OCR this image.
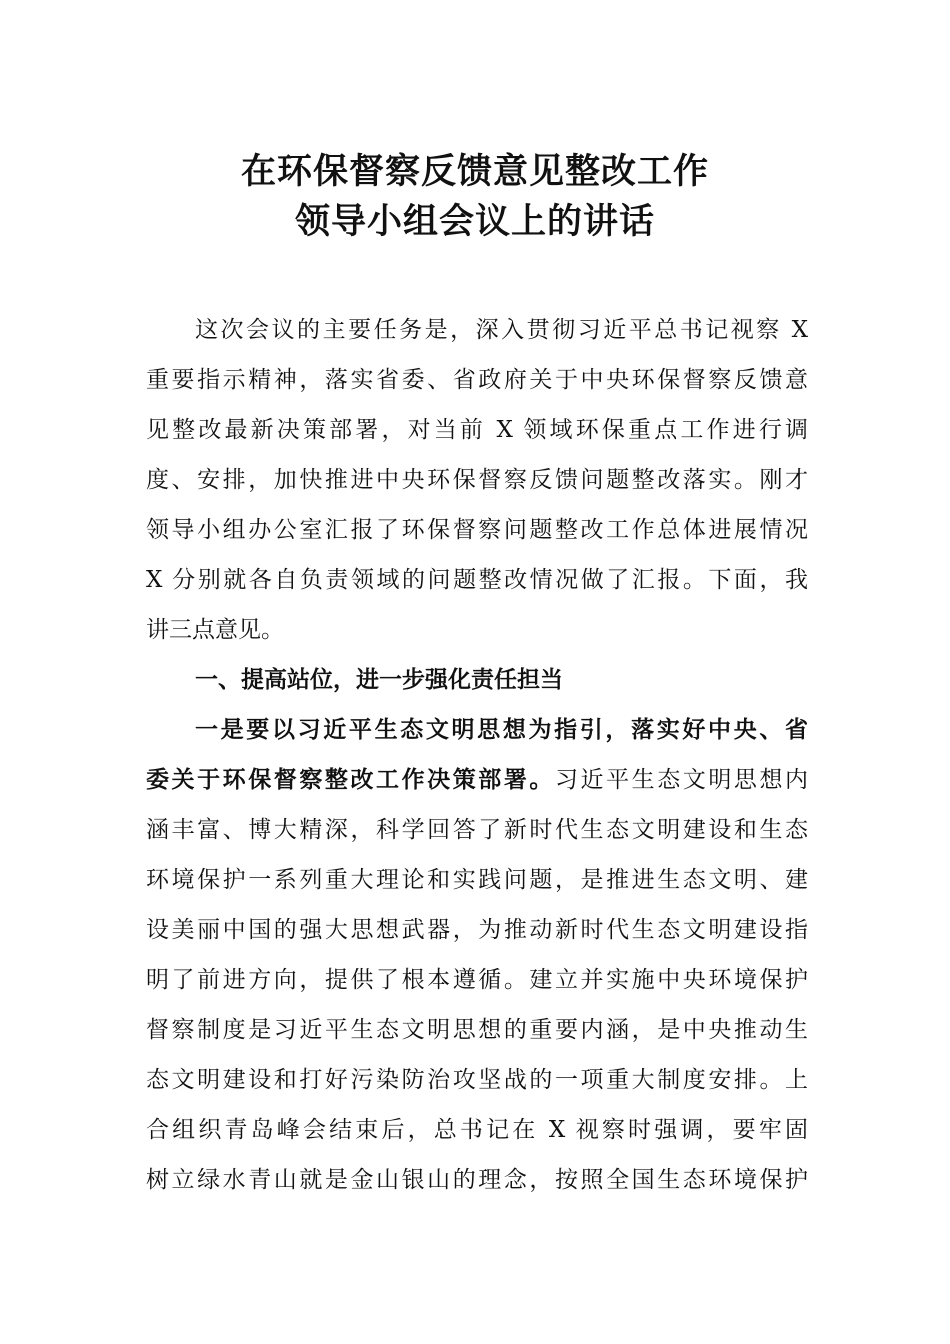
在环保督察反馈意见整改工作
领导小组会议上的讲话
这次会议的主要任务是，深入贯彻习近平总书记视察 X
重要指示精神，落实省委、省政府关于中央环保督察反馈意
见整改最新决策部署，对当前 X 领域环保重点工作进行调
度、安排，加快推进中央环保督察反馈问题整改落实。刚才
领导小组办公室汇报了环保督察问题整改工作总体进展情况
X 分别就各自负责领域的问题整改情况做了汇报。下面，我
讲三点意见。
一、提高站位，进一步强化责任担当
一是要以习近平生态文明思想为指引，落实好中央、省
委关于环保督察整改工作决策部署。习近平生态文明思想内
涵丰富、博大精深，科学回答了新时代生态文明建设和生态
环境保护一系列重大理论和实践问题，是推进生态文明、建
设美丽中国的强大思想武器，为推动新时代生态文明建设指
明了前进方向，提供了根本遵循。建立并实施中央环境保护
督察制度是习近平生态文明思想的重要内涵，是中央推动生
态文明建设和打好污染防治攻坚战的一项重大制度安排。上
合组织青岛峰会结束后，总书记在 X 视察时强调，要牢固
树立绿水青山就是金山银山的理念，按照全国生态环境保护
